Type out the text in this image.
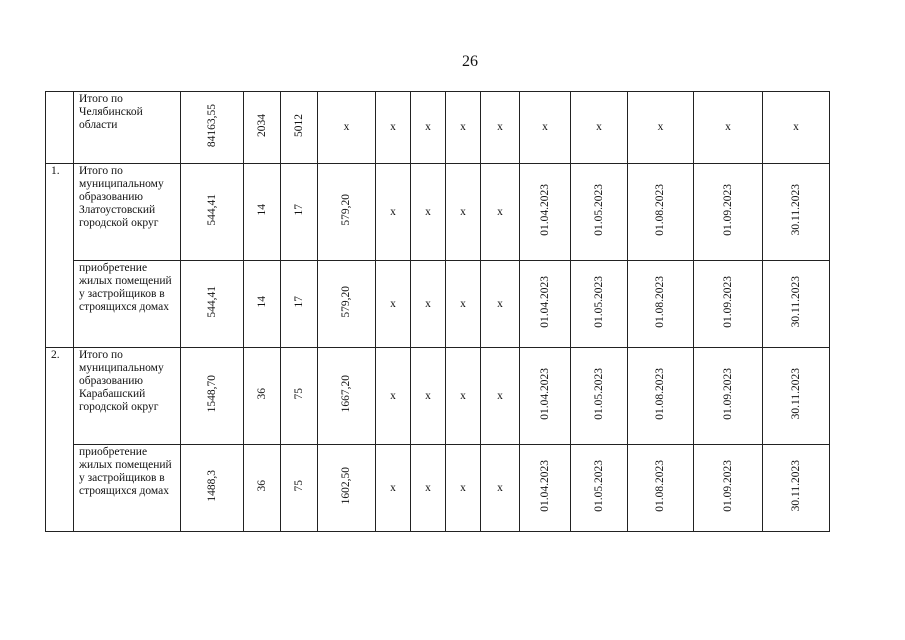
26
	Итого по Челябинской области	84163,55	2034	5012	x	x	x	x	x	x	x	x	x	x
1.	Итого по муниципальному образованию Златоустовский городской округ	544,41	14	17	579,20	x	x	x	x	01.04.2023	01.05.2023	01.08.2023	01.09.2023	30.11.2023
	приобретение жилых помещений у застройщиков в строящихся домах	544,41	14	17	579,20	x	x	x	x	01.04.2023	01.05.2023	01.08.2023	01.09.2023	30.11.2023
2.	Итого по муниципальному образованию Карабашский городской округ	1548,70	36	75	1667,20	x	x	x	x	01.04.2023	01.05.2023	01.08.2023	01.09.2023	30.11.2023
	приобретение жилых помещений у застройщиков в строящихся домах	1488,3	36	75	1602,50	x	x	x	x	01.04.2023	01.05.2023	01.08.2023	01.09.2023	30.11.2023
